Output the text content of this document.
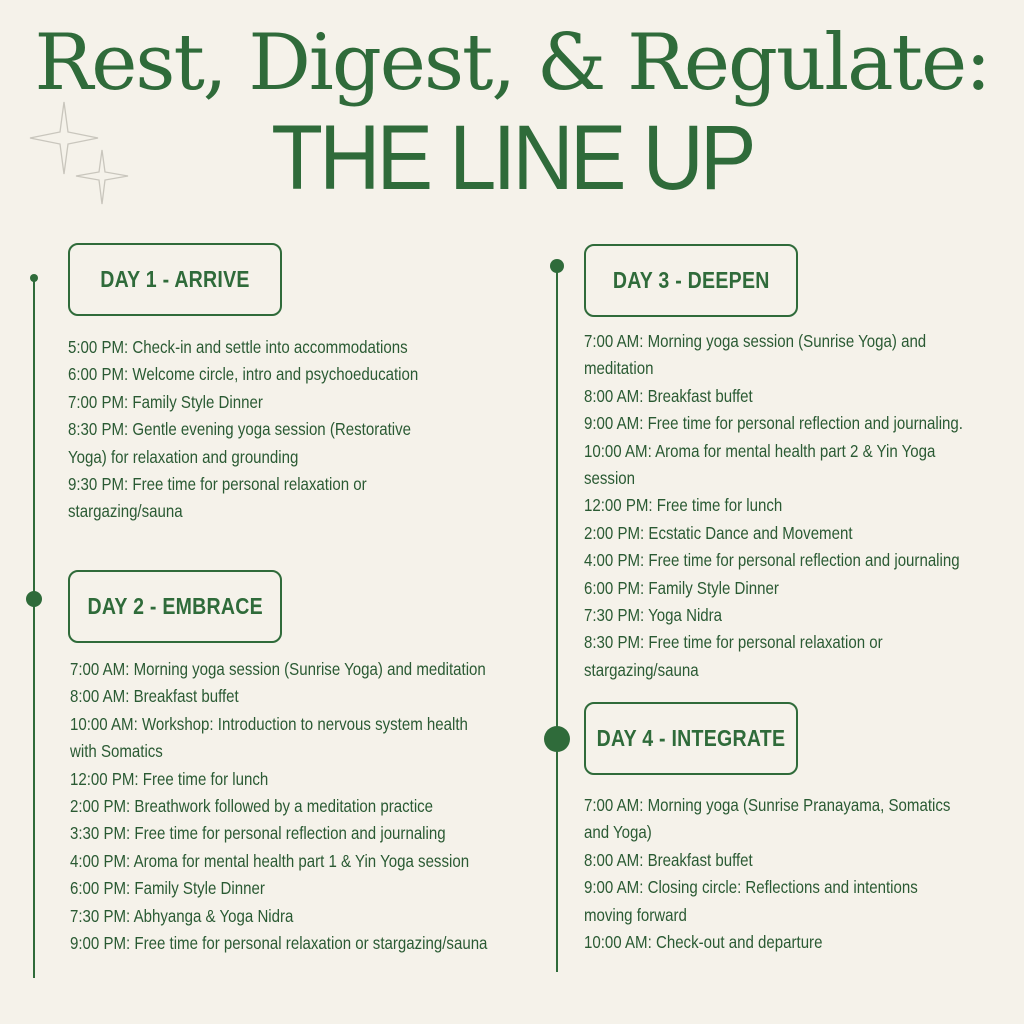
Rest, Digest, & Regulate:
THE LINE UP
DAY 1 - ARRIVE
5:00 PM: Check-in and settle into accommodations
6:00 PM: Welcome circle, intro and psychoeducation
7:00 PM: Family Style Dinner
8:30 PM: Gentle evening yoga session (Restorative
Yoga) for relaxation and grounding
9:30 PM: Free time for personal relaxation or
stargazing/sauna
DAY 2 - EMBRACE
7:00 AM: Morning yoga session (Sunrise Yoga) and meditation
8:00 AM: Breakfast buffet
10:00 AM: Workshop: Introduction to nervous system health
with Somatics
12:00 PM: Free time for lunch
2:00 PM: Breathwork followed by a meditation practice
3:30 PM: Free time for personal reflection and journaling
4:00 PM: Aroma for mental health part 1 & Yin Yoga session
6:00 PM: Family Style Dinner
7:30 PM: Abhyanga & Yoga Nidra
9:00 PM: Free time for personal relaxation or stargazing/sauna
DAY 3 - DEEPEN
7:00 AM: Morning yoga session (Sunrise Yoga) and
meditation
8:00 AM: Breakfast buffet
9:00 AM: Free time for personal reflection and journaling.
10:00 AM: Aroma for mental health part 2 & Yin Yoga
session
12:00 PM: Free time for lunch
2:00 PM: Ecstatic Dance and Movement
4:00 PM: Free time for personal reflection and journaling
6:00 PM: Family Style Dinner
7:30 PM: Yoga Nidra
8:30 PM: Free time for personal relaxation or
stargazing/sauna
DAY 4 - INTEGRATE
7:00 AM: Morning yoga (Sunrise Pranayama, Somatics
and Yoga)
8:00 AM: Breakfast buffet
9:00 AM: Closing circle: Reflections and intentions
moving forward
10:00 AM: Check-out and departure
